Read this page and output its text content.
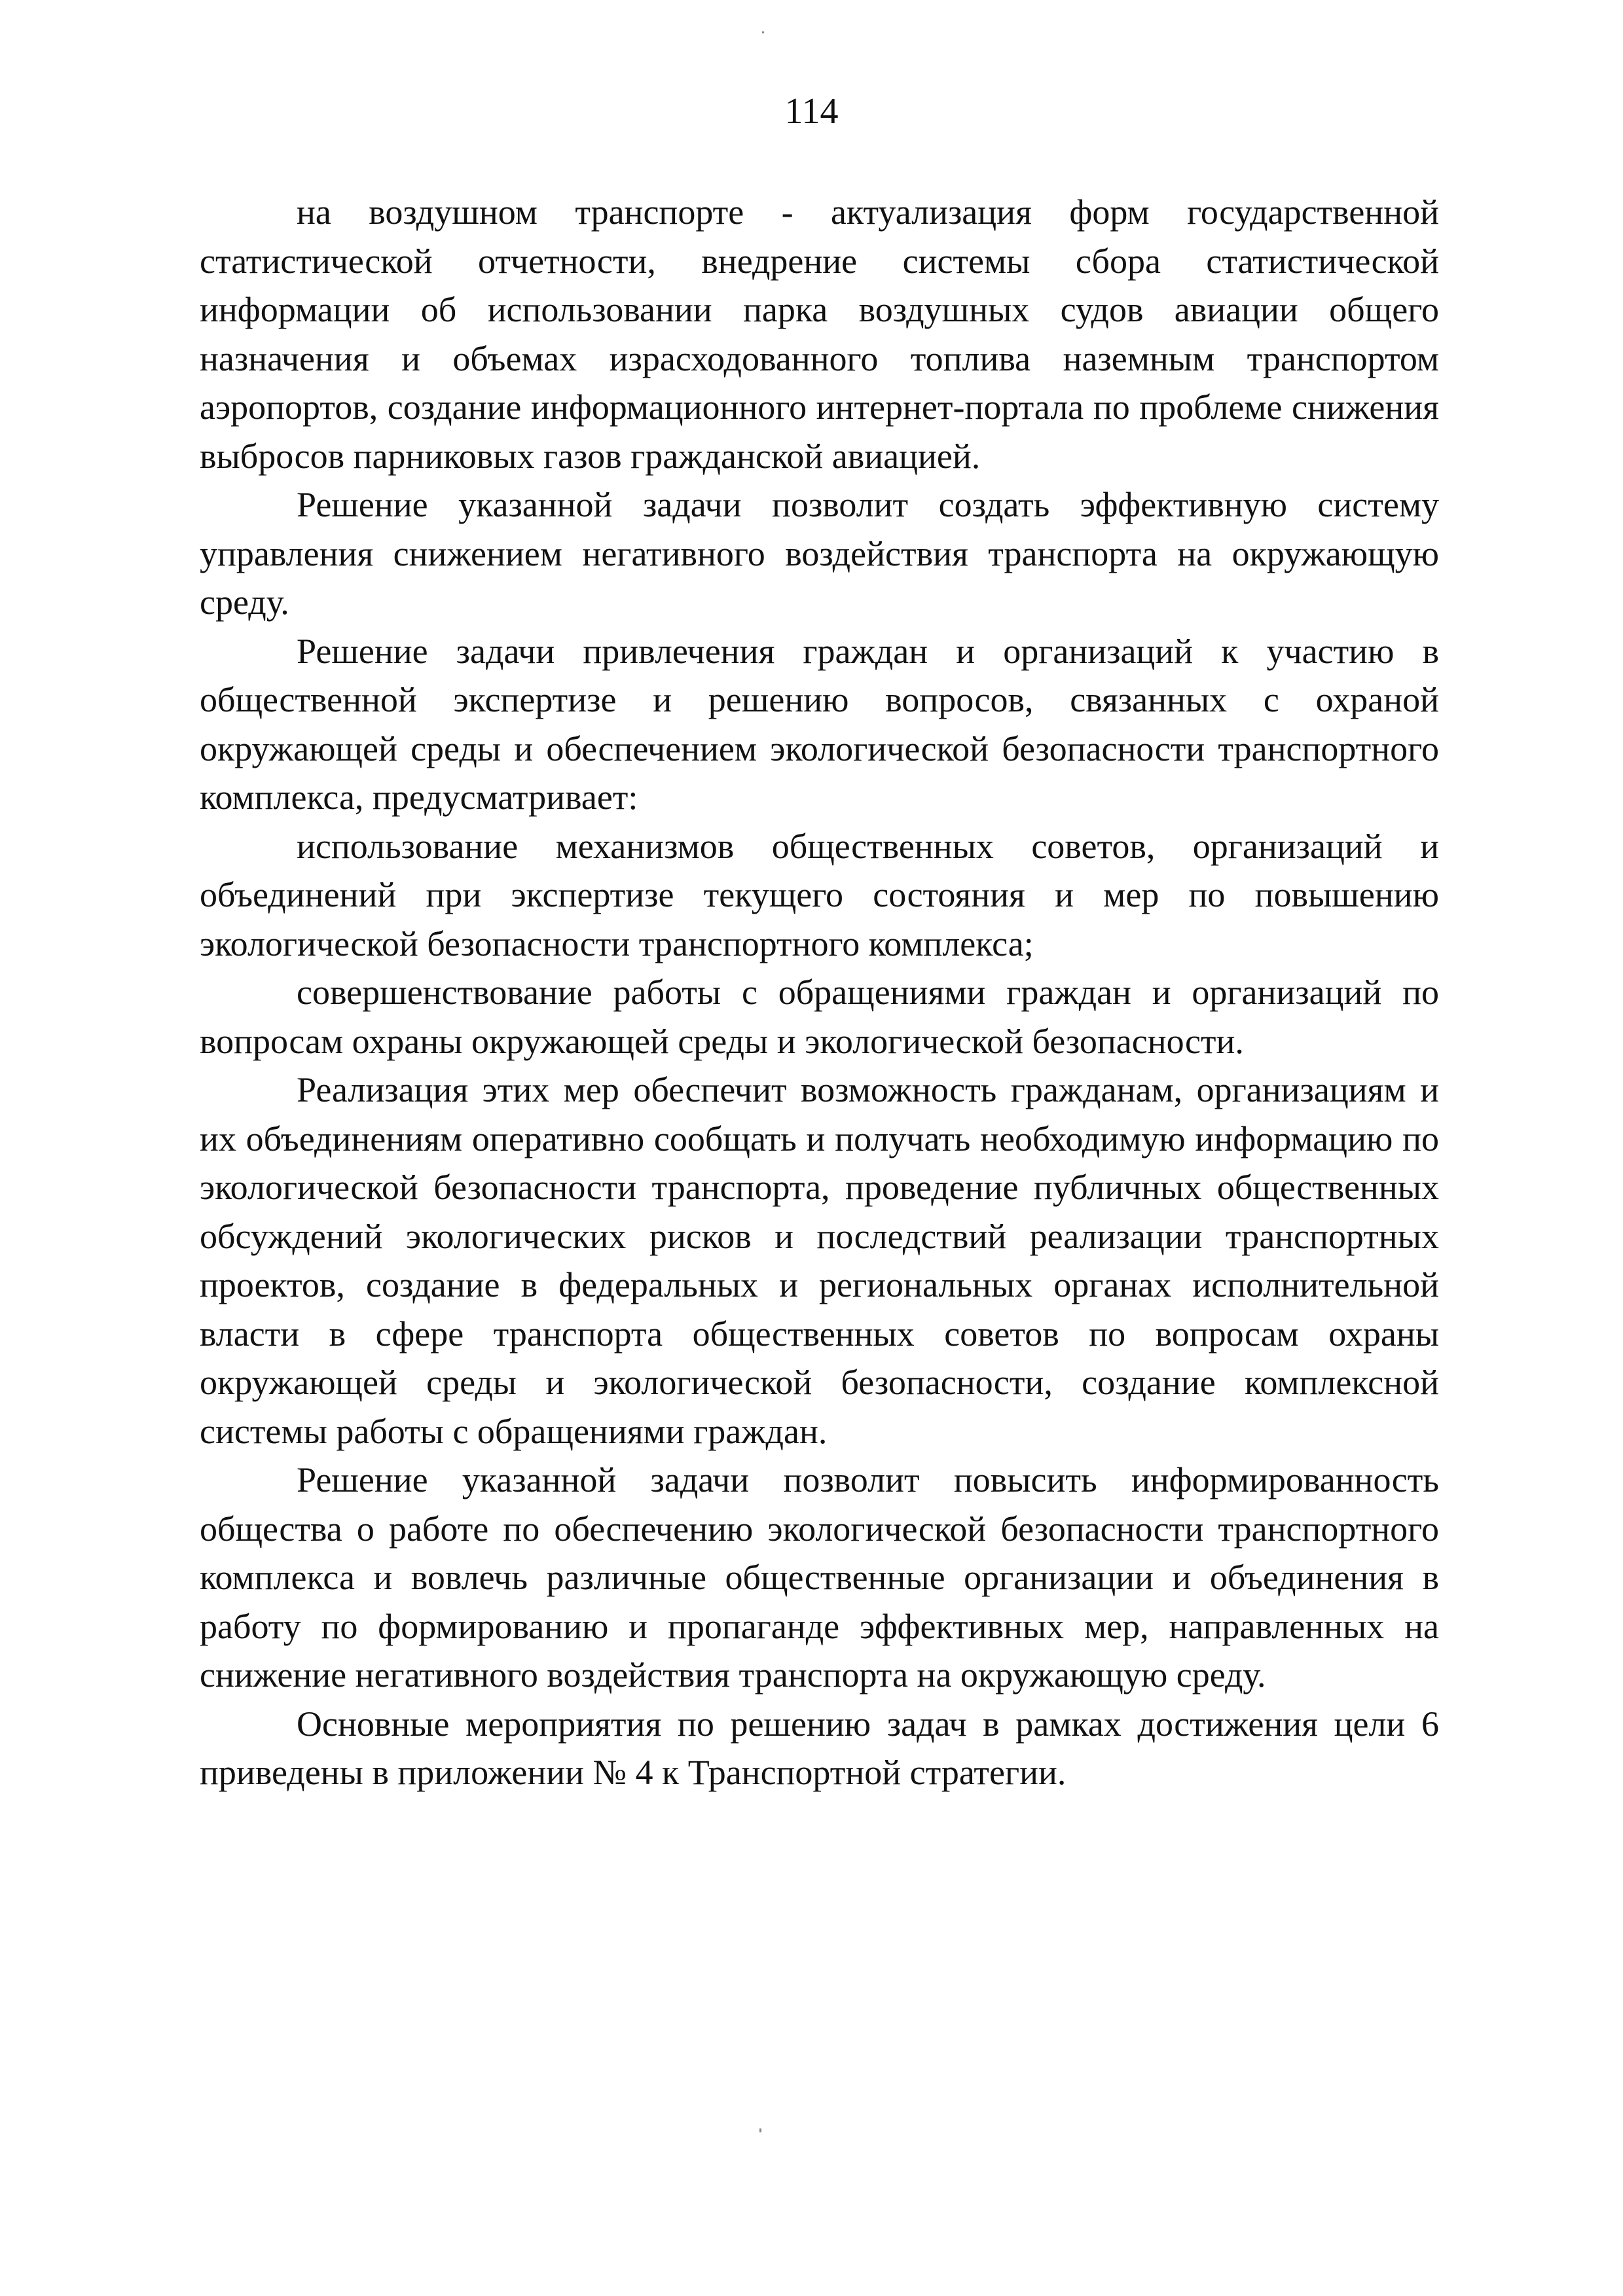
114

на воздушном транспорте - актуализация форм государственной статистической отчетности, внедрение системы сбора статистической информации об использовании парка воздушных судов авиации общего назначения и объемах израсходованного топлива наземным транспортом аэропортов, создание информационного интернет-портала по проблеме снижения выбросов парниковых газов гражданской авиацией.

Решение указанной задачи позволит создать эффективную систему управления снижением негативного воздействия транспорта на окружающую среду.

Решение задачи привлечения граждан и организаций к участию в общественной экспертизе и решению вопросов, связанных с охраной окружающей среды и обеспечением экологической безопасности транспортного комплекса, предусматривает:

использование механизмов общественных советов, организаций и объединений при экспертизе текущего состояния и мер по повышению экологической безопасности транспортного комплекса;

совершенствование работы с обращениями граждан и организаций по вопросам охраны окружающей среды и экологической безопасности.

Реализация этих мер обеспечит возможность гражданам, организациям и их объединениям оперативно сообщать и получать необходимую информацию по экологической безопасности транспорта, проведение публичных общественных обсуждений экологических рисков и последствий реализации транспортных проектов, создание в федеральных и региональных органах исполнительной власти в сфере транспорта общественных советов по вопросам охраны окружающей среды и экологической безопасности, создание комплексной системы работы с обращениями граждан.

Решение указанной задачи позволит повысить информированность общества о работе по обеспечению экологической безопасности транспортного комплекса и вовлечь различные общественные организации и объединения в работу по формированию и пропаганде эффективных мер, направленных на снижение негативного воздействия транспорта на окружающую среду.

Основные мероприятия по решению задач в рамках достижения цели 6 приведены в приложении № 4 к Транспортной стратегии.
